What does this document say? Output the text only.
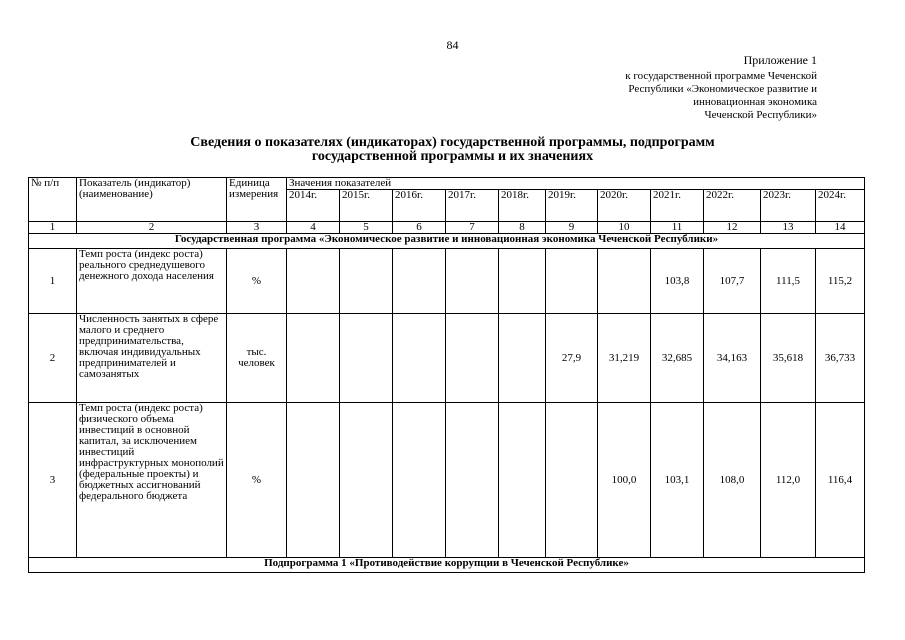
84
Приложение 1
к государственной программе Чеченской
Республики «Экономическое развитие и
инновационная экономика
Чеченской Республики»
Сведения о показателях (индикаторах) государственной программы, подпрограмм
государственной программы и их значениях
№ п/п	Показатель (индикатор) (наименование)	Единица измерения	Значения показателей										
			2014г.	2015г.	2016г.	2017г.	2018г.	2019г.	2020г.	2021г.	2022г.	2023г.	2024г.
1	2	3	4	5	6	7	8	9	10	11	12	13	14
Государственная программа «Экономическое развитие и инновационная экономика Чеченской Республики»													
1	Темп роста (индекс роста) реального среднедушевого денежного дохода населения	%								103,8	107,7	111,5	115,2
2	Численность занятых в сфере малого и среднего предпринимательства, включая индивидуальных предпринимателей и самозанятых	тыс. человек						27,9	31,219	32,685	34,163	35,618	36,733
3	Темп роста (индекс роста) физического объема инвестиций в основной капитал, за исключением инвестиций инфраструктурных монополий (федеральные проекты) и бюджетных ассигнований федерального бюджета	%							100,0	103,1	108,0	112,0	116,4
Подпрограмма 1 «Противодействие коррупции в Чеченской Республике»													
